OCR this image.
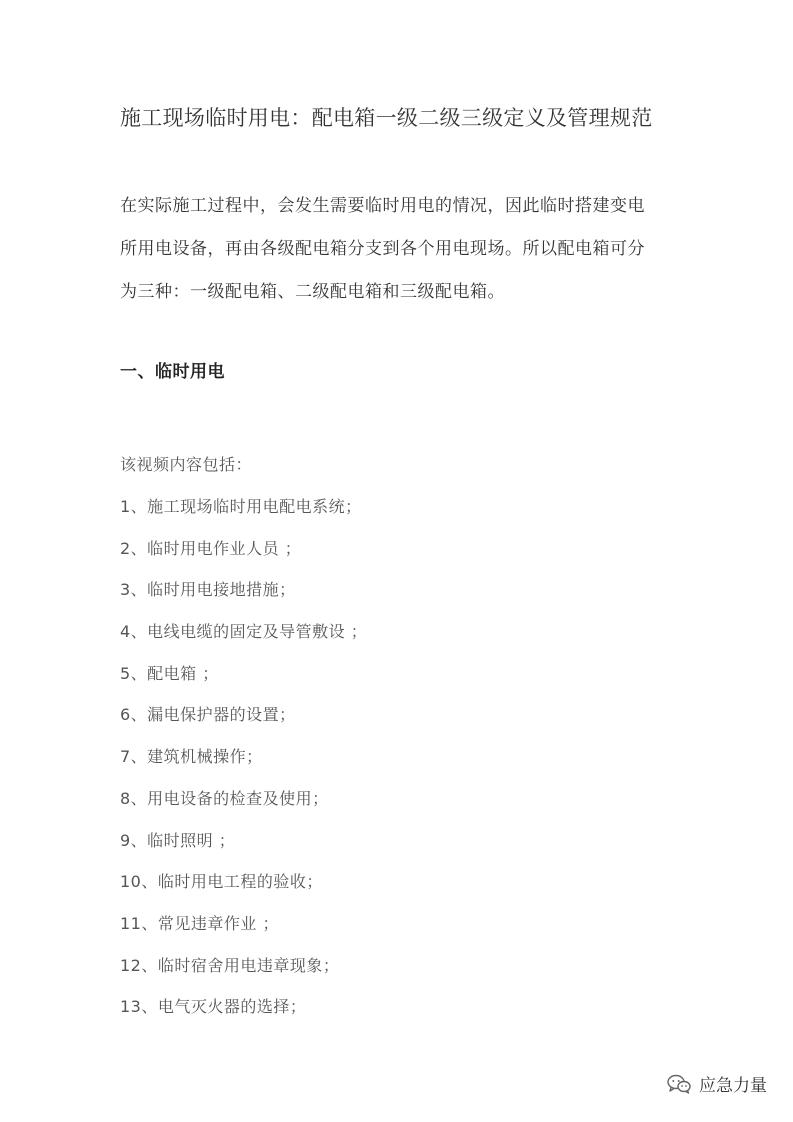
施工现场临时用电：配电箱一级二级三级定义及管理规范
在实际施工过程中，会发生需要临时用电的情况，因此临时搭建变电
所用电设备，再由各级配电箱分支到各个用电现场。所以配电箱可分
为三种：一级配电箱、二级配电箱和三级配电箱。
一、临时用电
该视频内容包括：
1、施工现场临时用电配电系统；
2、临时用电作业人员 ；
3、临时用电接地措施；
4、电线电缆的固定及导管敷设 ；
5、配电箱 ；
6、漏电保护器的设置；
7、建筑机械操作；
8、用电设备的检查及使用；
9、临时照明 ；
10、临时用电工程的验收；
11、常见违章作业 ；
12、临时宿舍用电违章现象；
13、电气灭火器的选择；
应急力量
